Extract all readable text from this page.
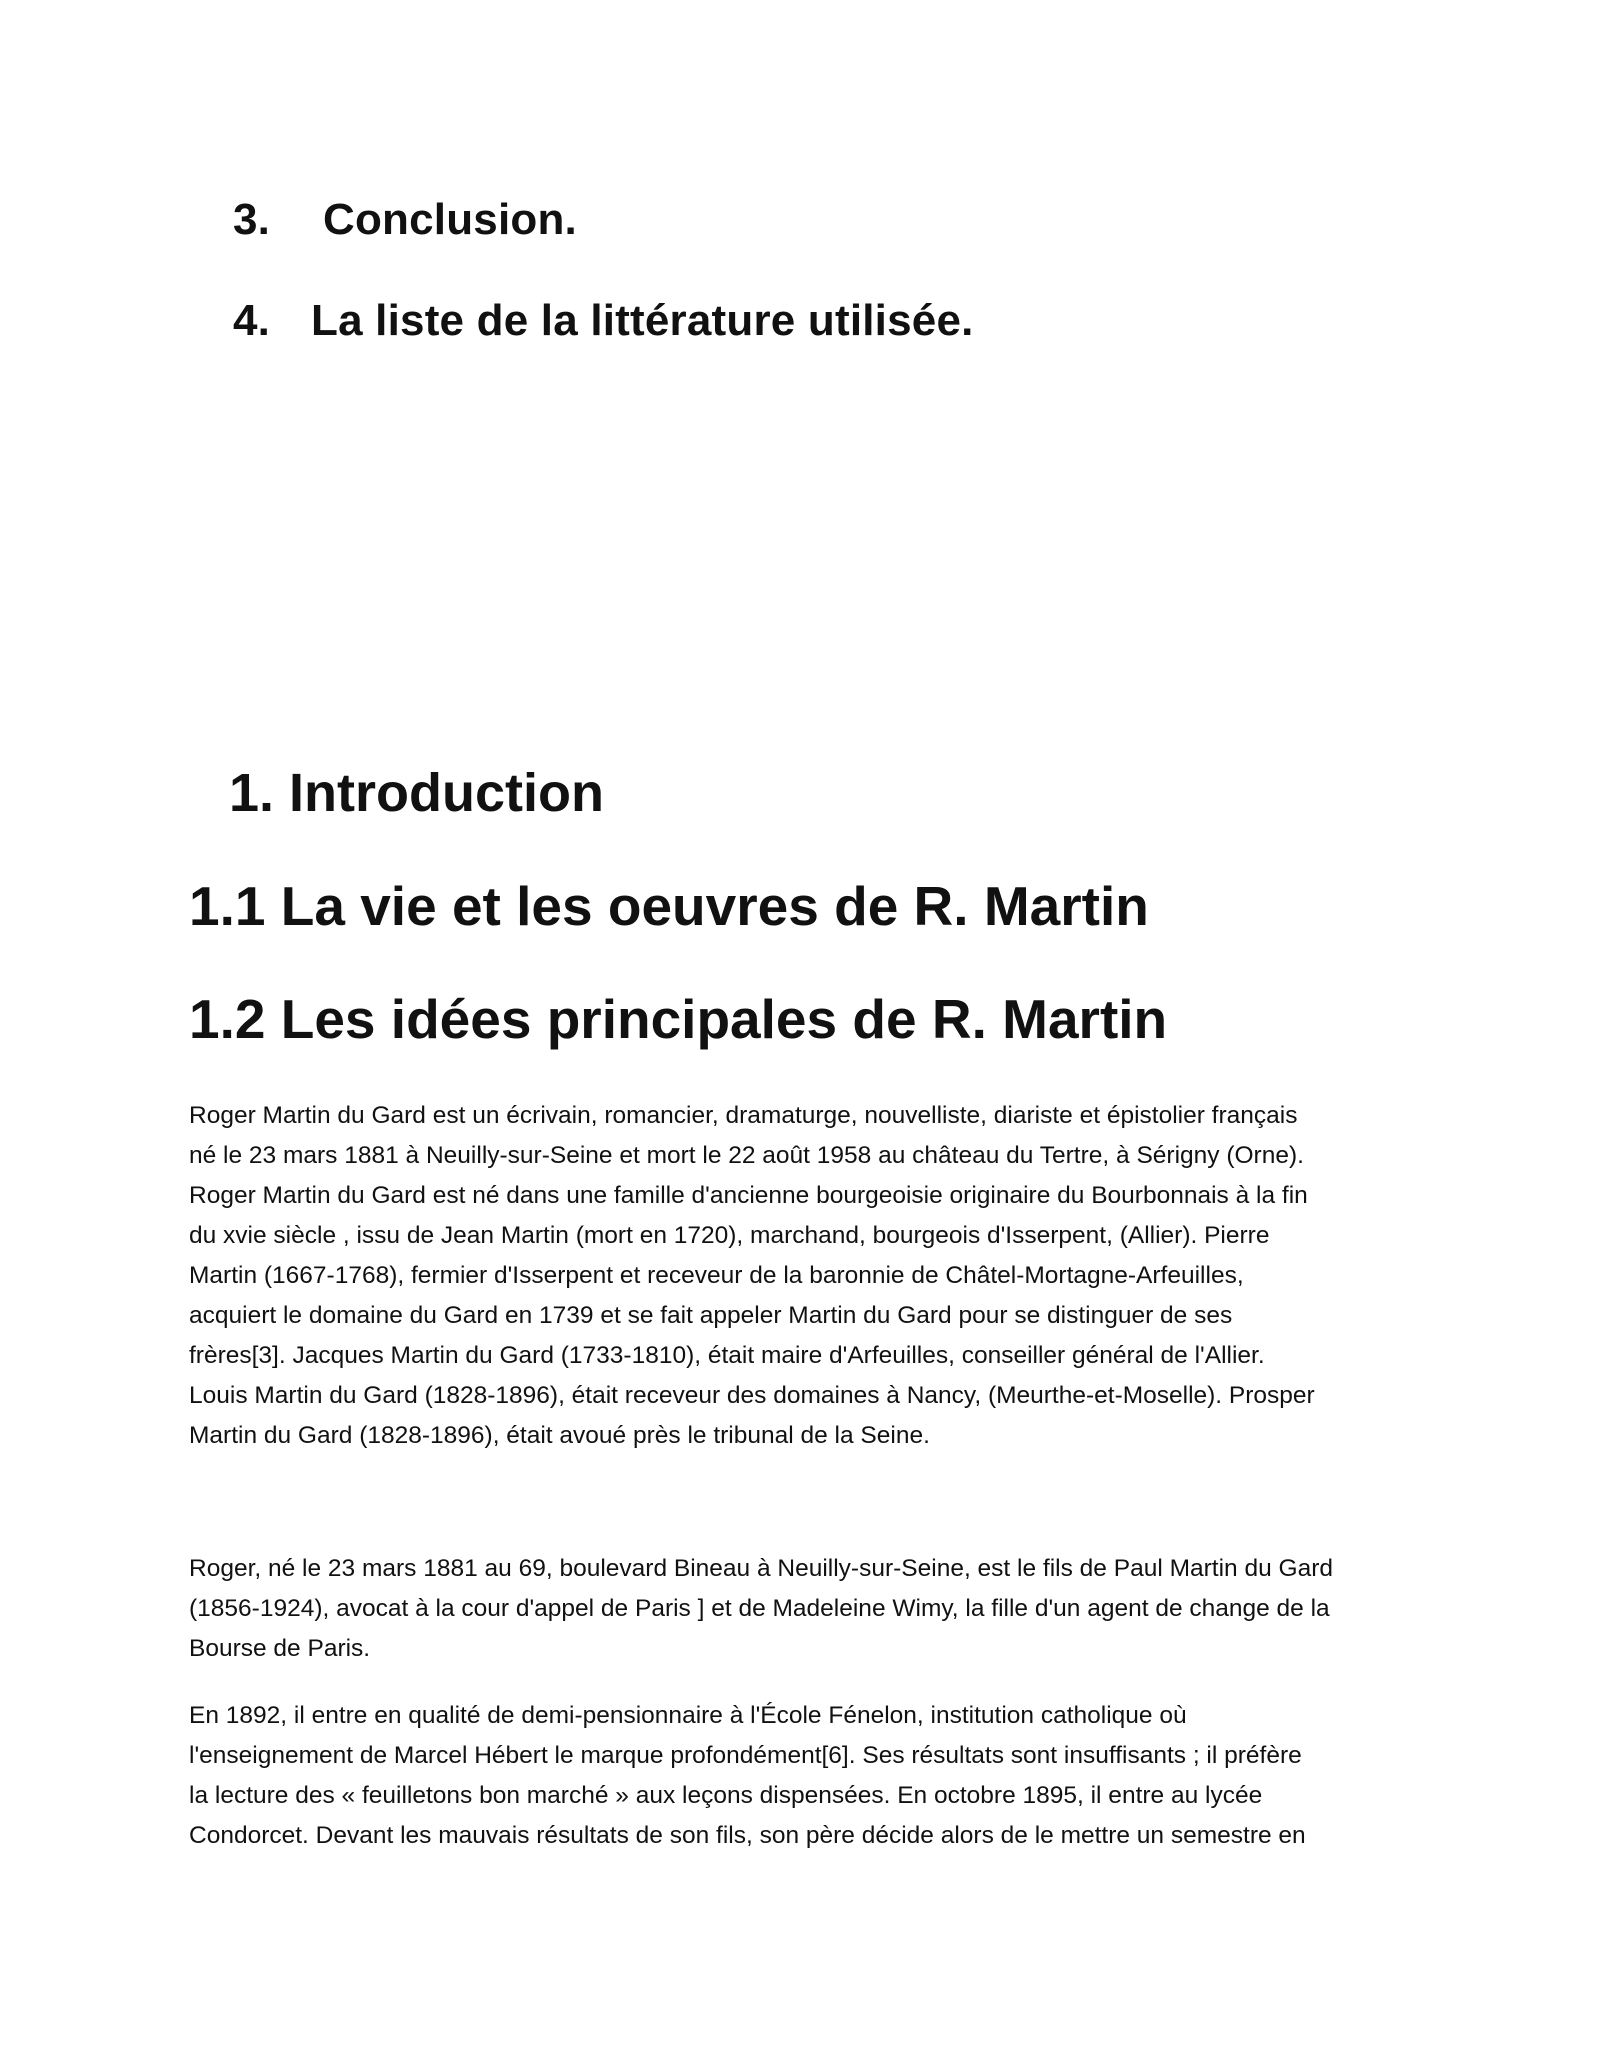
3. Conclusion.
4. La liste de la littérature utilisée.
1. Introduction
1.1 La vie et les oeuvres de R. Martin
1.2 Les idées principales de R. Martin

Roger Martin du Gard est un écrivain, romancier, dramaturge, nouvelliste, diariste et épistolier français
né le 23 mars 1881 à Neuilly-sur-Seine et mort le 22 août 1958 au château du Tertre, à Sérigny (Orne).
Roger Martin du Gard est né dans une famille d'ancienne bourgeoisie originaire du Bourbonnais à la fin
du xvie siècle , issu de Jean Martin (mort en 1720), marchand, bourgeois d'Isserpent, (Allier). Pierre
Martin (1667-1768), fermier d'Isserpent et receveur de la baronnie de Châtel-Mortagne-Arfeuilles,
acquiert le domaine du Gard en 1739 et se fait appeler Martin du Gard pour se distinguer de ses
frères[3]. Jacques Martin du Gard (1733-1810), était maire d'Arfeuilles, conseiller général de l'Allier.
Louis Martin du Gard (1828-1896), était receveur des domaines à Nancy, (Meurthe-et-Moselle). Prosper
Martin du Gard (1828-1896), était avoué près le tribunal de la Seine.

Roger, né le 23 mars 1881 au 69, boulevard Bineau à Neuilly-sur-Seine, est le fils de Paul Martin du Gard
(1856-1924), avocat à la cour d'appel de Paris ] et de Madeleine Wimy, la fille d'un agent de change de la
Bourse de Paris.

En 1892, il entre en qualité de demi-pensionnaire à l'École Fénelon, institution catholique où
l'enseignement de Marcel Hébert le marque profondément[6]. Ses résultats sont insuffisants ; il préfère
la lecture des « feuilletons bon marché » aux leçons dispensées. En octobre 1895, il entre au lycée
Condorcet. Devant les mauvais résultats de son fils, son père décide alors de le mettre un semestre en
